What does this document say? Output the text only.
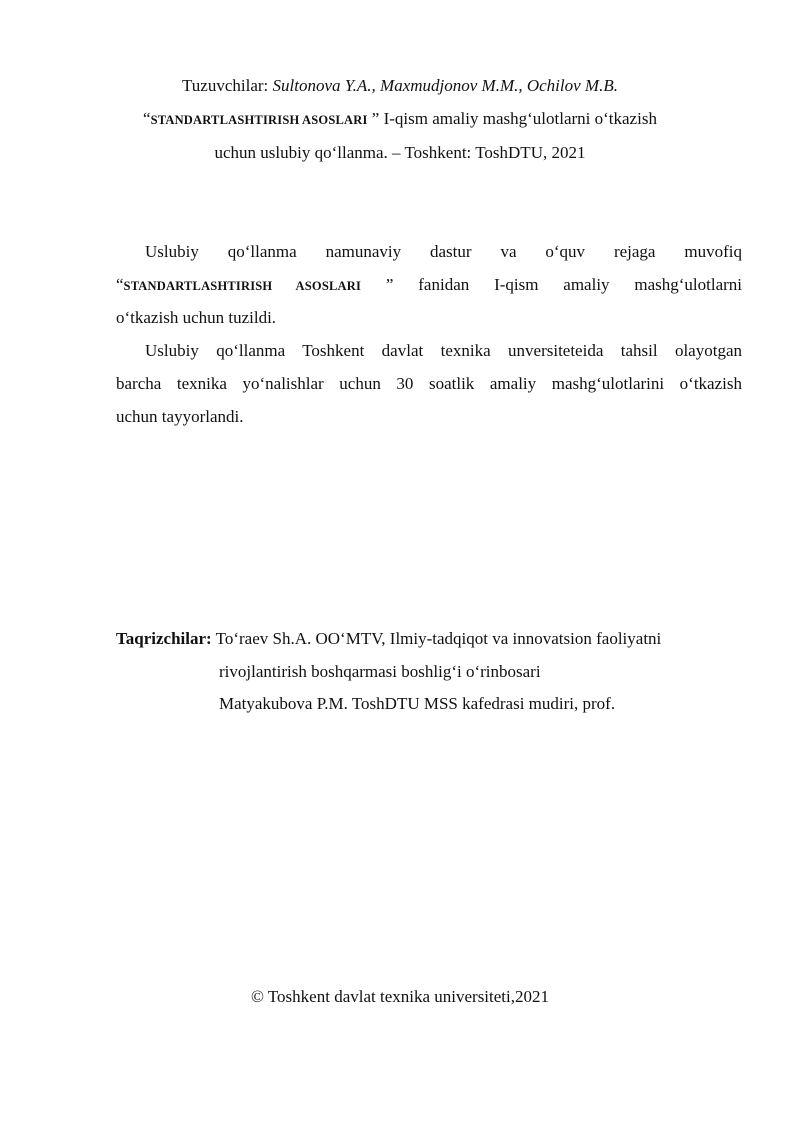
Tuzuvchilar: Sultonova Y.A., Maxmudjonov M.M., Ochilov M.B.
“STANDARTLASHTIRISH ASOSLARI ” I-qism amaliy mashg‘ulotlarni o‘tkazish
uchun uslubiy qo‘llanma. – Toshkent: ToshDTU, 2021
Uslubiy qo‘llanma namunaviy dastur va o‘quv rejaga muvofiq
“STANDARTLASHTIRISH ASOSLARI ” fanidan I-qism amaliy mashg‘ulotlarni
o‘tkazish uchun tuzildi.
Uslubiy qo‘llanma Toshkent davlat texnika unversiteteida tahsil olayotgan
barcha texnika yo‘nalishlar uchun 30 soatlik amaliy mashg‘ulotlarini o‘tkazish
uchun tayyorlandi.
Taqrizchilar: To‘raev Sh.A. OO‘MTV, Ilmiy-tadqiqot va innovatsion faoliyatni
rivojlantirish boshqarmasi boshlig‘i o‘rinbosari
Matyakubova P.M. ToshDTU MSS kafedrasi mudiri, prof.
© Toshkent davlat texnika universiteti,2021
